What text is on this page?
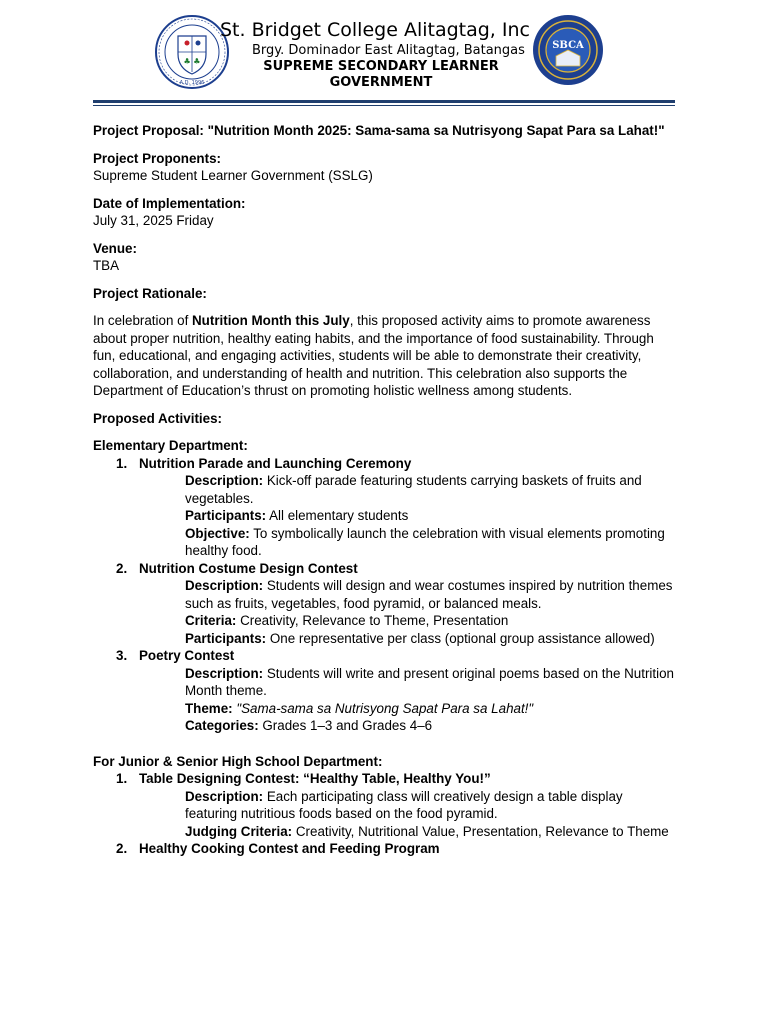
♣ ♣
A.D. 1996
St. Bridget College Alitagtag, Inc
Brgy. Dominador East Alitagtag, Batangas
SUPREME SECONDARY LEARNER
GOVERNMENT
SBCA

Project Proposal: "Nutrition Month 2025: Sama-sama sa Nutrisyong Sapat Para sa Lahat!"

Project Proponents:

Supreme Student Learner Government (SSLG)

Date of Implementation:

July 31, 2025 Friday

Venue:

TBA

Project Rationale:

In celebration of Nutrition Month this July, this proposed activity aims to promote awareness about proper nutrition, healthy eating habits, and the importance of food sustainability. Through fun, educational, and engaging activities, students will be able to demonstrate their creativity, collaboration, and understanding of health and nutrition. This celebration also supports the Department of Education’s thrust on promoting holistic wellness among students.

Proposed Activities:

Elementary Department:

1. Nutrition Parade and Launching Ceremony

Description: Kick-off parade featuring students carrying baskets of fruits and vegetables.

Participants: All elementary students

Objective: To symbolically launch the celebration with visual elements promoting healthy food.

2. Nutrition Costume Design Contest

Description: Students will design and wear costumes inspired by nutrition themes such as fruits, vegetables, food pyramid, or balanced meals.

Criteria: Creativity, Relevance to Theme, Presentation

Participants: One representative per class (optional group assistance allowed)

3. Poetry Contest

Description: Students will write and present original poems based on the Nutrition Month theme.

Theme: "Sama-sama sa Nutrisyong Sapat Para sa Lahat!"

Categories: Grades 1–3 and Grades 4–6

For Junior & Senior High School Department:

1. Table Designing Contest: “Healthy Table, Healthy You!”

Description: Each participating class will creatively design a table display featuring nutritious foods based on the food pyramid.

Judging Criteria: Creativity, Nutritional Value, Presentation, Relevance to Theme

2. Healthy Cooking Contest and Feeding Program
